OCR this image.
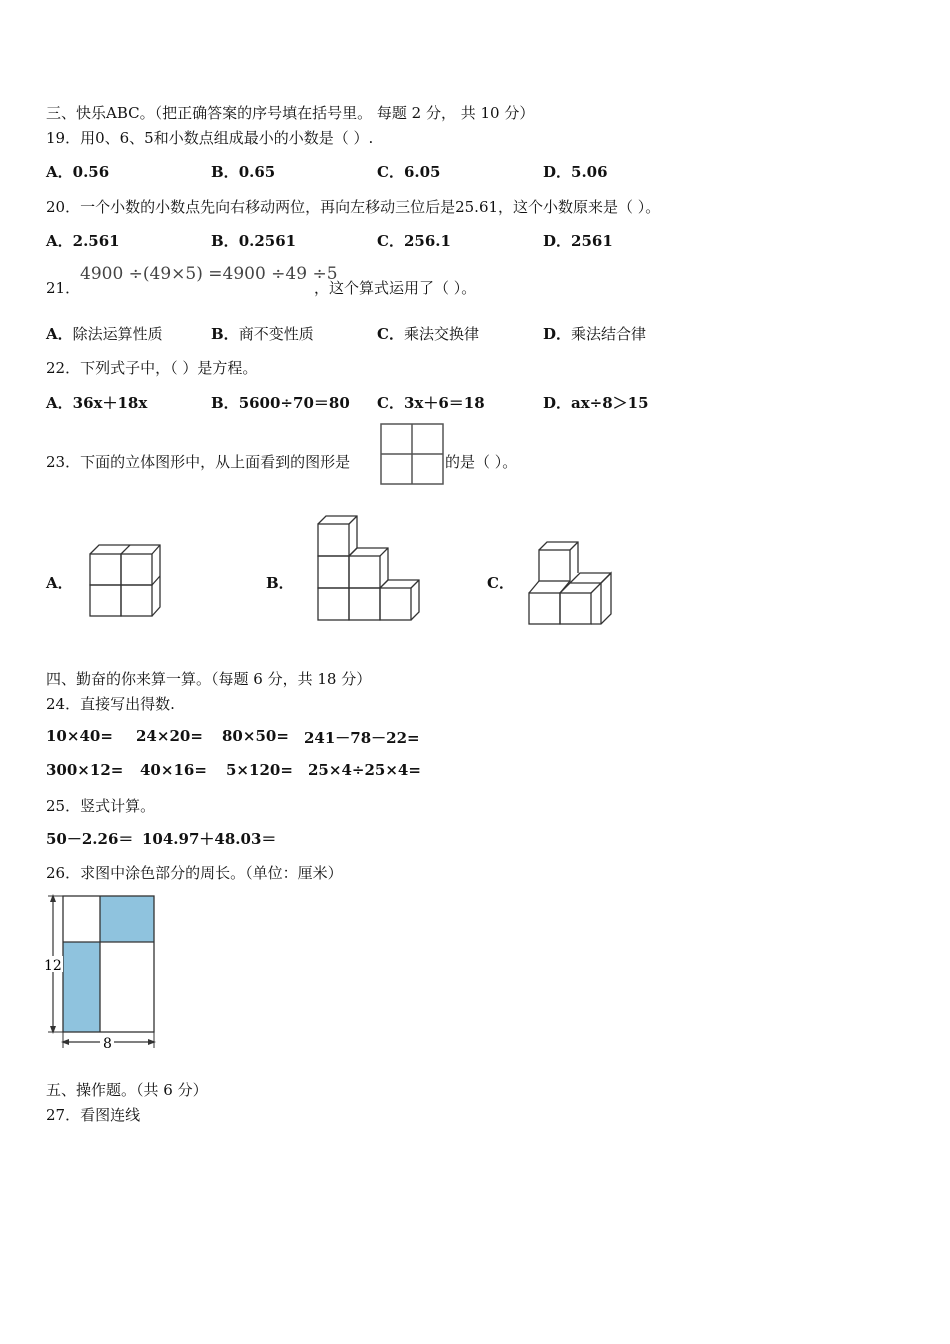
三、快乐ABC。（把正确答案的序号填在括号里。 每题 2 分， 共 10 分）
19．用0、6、5和小数点组成最小的小数是（ ）.
A．0.56	B．0.65	C．6.05	D．5.06
20．一个小数的小数点先向右移动两位，再向左移动三位后是25.61，这个小数原来是（ ）。
A．2.561	B．0.2561	C．256.1	D．2561
21．
4900 ÷(49×5) =4900 ÷49 ÷5
，这个算式运用了（ ）。
A．除法运算性质	B．商不变性质	C．乘法交换律	D．乘法结合律
22．下列式子中，（ ）是方程。
A．36x＋18x	B．5600÷70＝80 C．3x＋6＝18	D．ax÷8＞15
23．下面的立体图形中，从上面看到的图形是	的是（ ）。
A．	B．	C．
四、勤奋的你来算一算。（每题 6 分，共 18 分）
24．直接写出得数.
10×40= 24×20= 80×50= 241－78－22=
300×12= 40×16= 5×120= 25×4÷25×4=
25．竖式计算。
50－2.26＝ 104.97＋48.03＝
26．求图中涂色部分的周长。（单位：厘米）
12
8
五、操作题。（共 6 分）
27．看图连线
